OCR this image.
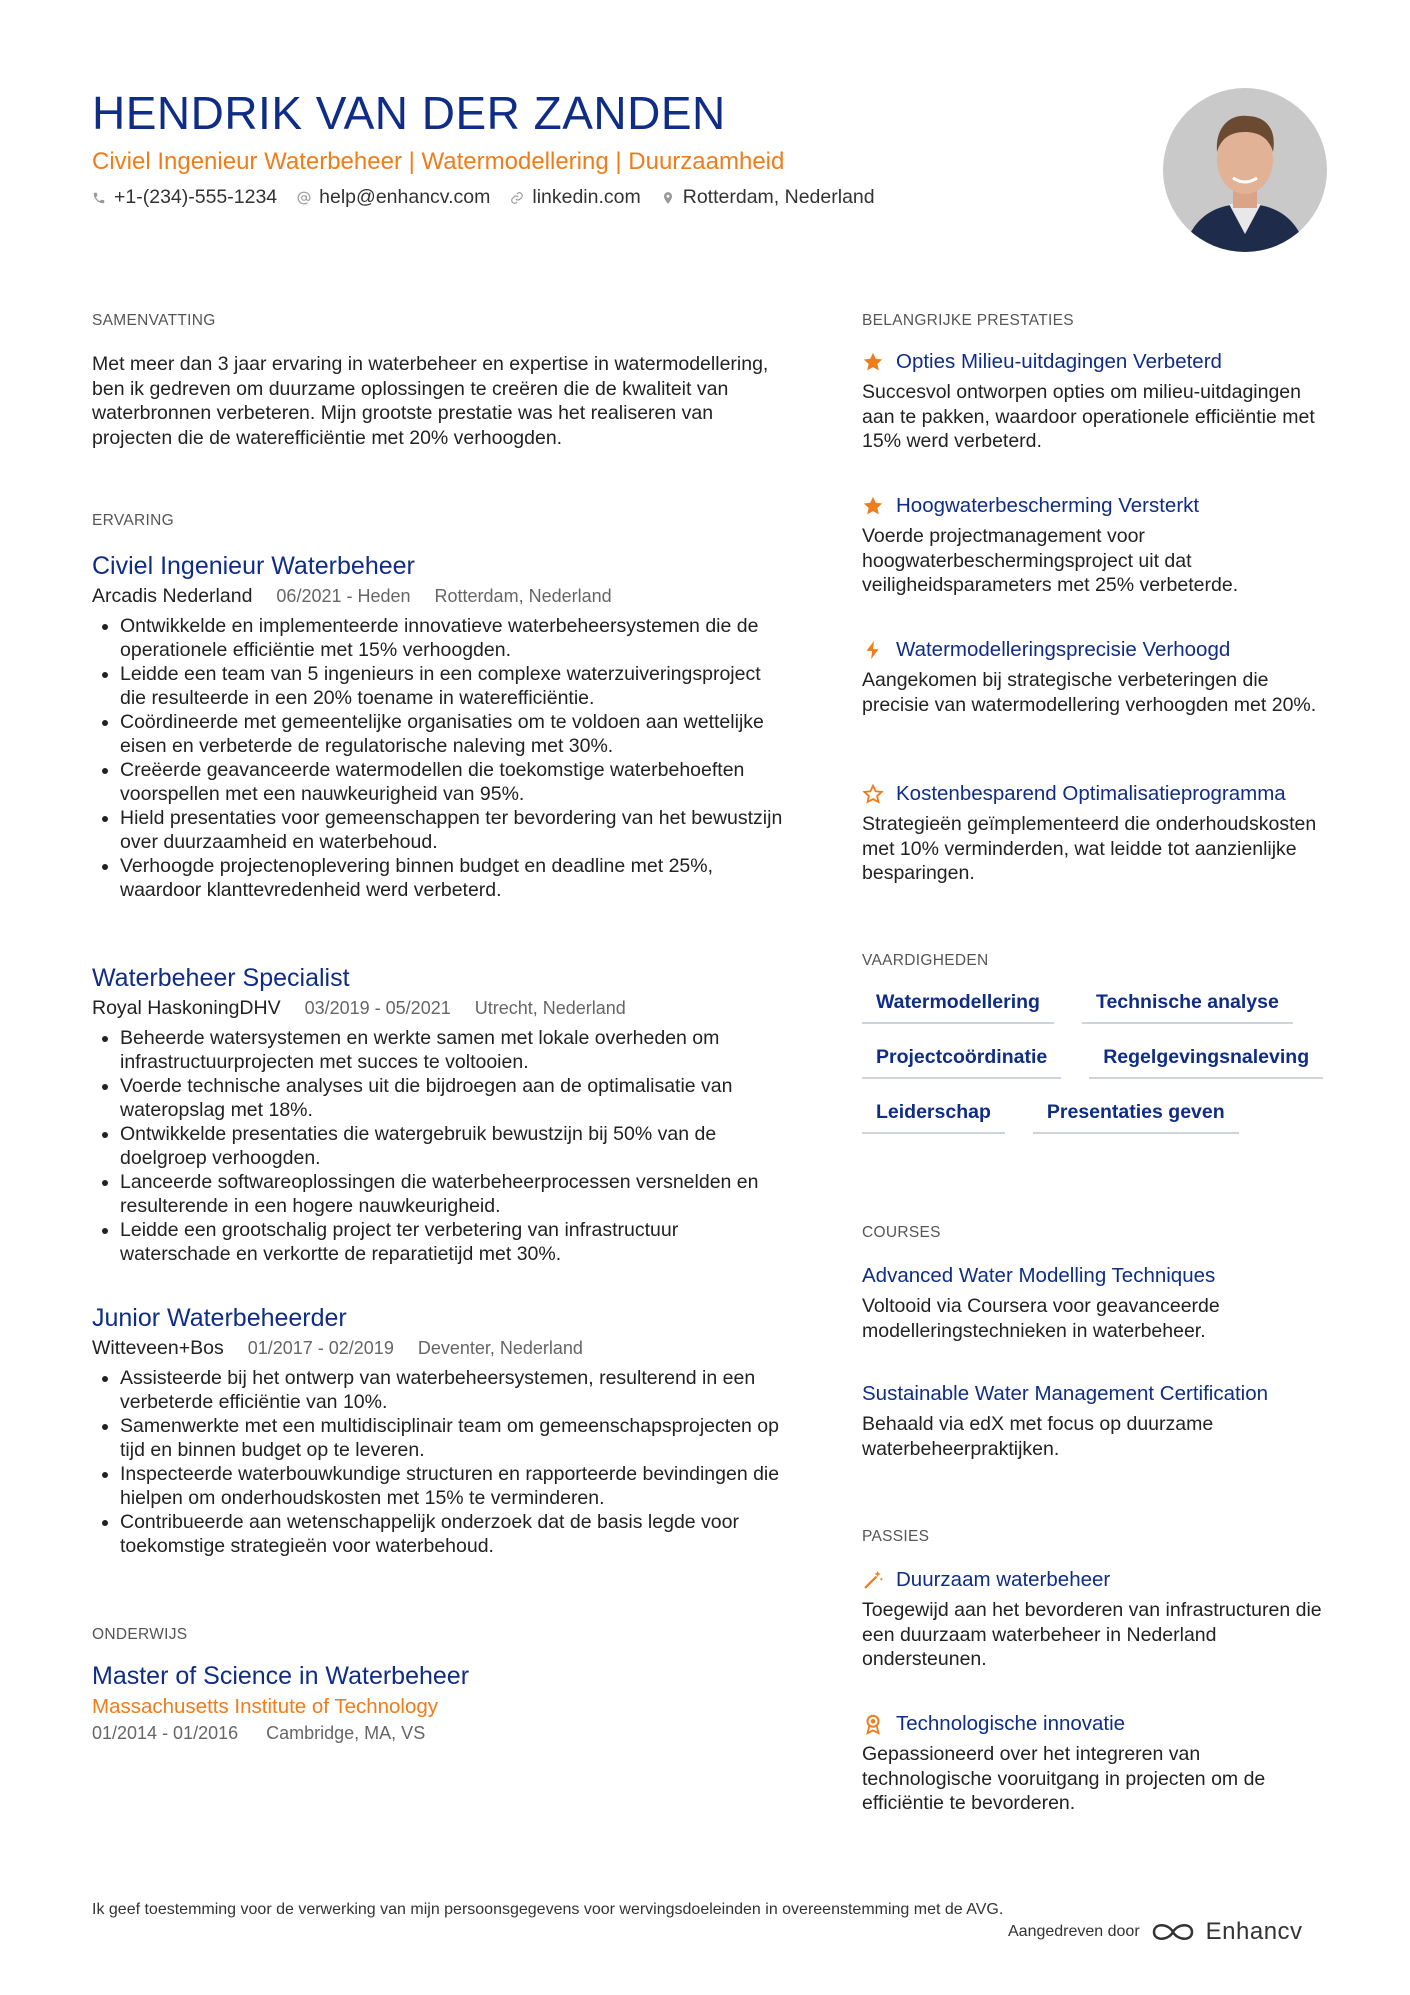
HENDRIK VAN DER ZANDEN
Civiel Ingenieur Waterbeheer | Watermodellering | Duurzaamheid
+1-(234)-555-1234 help@enhancv.com linkedin.com Rotterdam, Nederland
SAMENVATTING
Met meer dan 3 jaar ervaring in waterbeheer en expertise in watermodellering, ben ik gedreven om duurzame oplossingen te creëren die de kwaliteit van waterbronnen verbeteren. Mijn grootste prestatie was het realiseren van projecten die de waterefficiëntie met 20% verhoogden.
ERVARING
Civiel Ingenieur Waterbeheer
Arcadis Nederland 06/2021 - Heden Rotterdam, Nederland
• Ontwikkelde en implementeerde innovatieve waterbeheersystemen die de operationele efficiëntie met 15% verhoogden.
• Leidde een team van 5 ingenieurs in een complexe waterzuiveringsproject die resulteerde in een 20% toename in waterefficiëntie.
• Coördineerde met gemeentelijke organisaties om te voldoen aan wettelijke eisen en verbeterde de regulatorische naleving met 30%.
• Creëerde geavanceerde watermodellen die toekomstige waterbehoeften voorspellen met een nauwkeurigheid van 95%.
• Hield presentaties voor gemeenschappen ter bevordering van het bewustzijn over duurzaamheid en waterbehoud.
• Verhoogde projectenoplevering binnen budget en deadline met 25%, waardoor klanttevredenheid werd verbeterd.
Waterbeheer Specialist
Royal HaskoningDHV 03/2019 - 05/2021 Utrecht, Nederland
• Beheerde watersystemen en werkte samen met lokale overheden om infrastructuurprojecten met succes te voltooien.
• Voerde technische analyses uit die bijdroegen aan de optimalisatie van wateropslag met 18%.
• Ontwikkelde presentaties die watergebruik bewustzijn bij 50% van de doelgroep verhoogden.
• Lanceerde softwareoplossingen die waterbeheerprocessen versnelden en resulterende in een hogere nauwkeurigheid.
• Leidde een grootschalig project ter verbetering van infrastructuur waterschade en verkortte de reparatietijd met 30%.
Junior Waterbeheerder
Witteveen+Bos 01/2017 - 02/2019 Deventer, Nederland
• Assisteerde bij het ontwerp van waterbeheersystemen, resulterend in een verbeterde efficiëntie van 10%.
• Samenwerkte met een multidisciplinair team om gemeenschapsprojecten op tijd en binnen budget op te leveren.
• Inspecteerde waterbouwkundige structuren en rapporteerde bevindingen die hielpen om onderhoudskosten met 15% te verminderen.
• Contribueerde aan wetenschappelijk onderzoek dat de basis legde voor toekomstige strategieën voor waterbehoud.
ONDERWIJS
Master of Science in Waterbeheer
Massachusetts Institute of Technology
01/2014 - 01/2016 Cambridge, MA, VS
BELANGRIJKE PRESTATIES
Opties Milieu-uitdagingen Verbeterd
Succesvol ontworpen opties om milieu-uitdagingen aan te pakken, waardoor operationele efficiëntie met 15% werd verbeterd.
Hoogwaterbescherming Versterkt
Voerde projectmanagement voor hoogwaterbeschermingsproject uit dat veiligheidsparameters met 25% verbeterde.
Watermodelleringsprecisie Verhoogd
Aangekomen bij strategische verbeteringen die precisie van watermodellering verhoogden met 20%.
Kostenbesparend Optimalisatieprogramma
Strategieën geïmplementeerd die onderhoudskosten met 10% verminderden, wat leidde tot aanzienlijke besparingen.
VAARDIGHEDEN
Watermodellering	Technische analyse
Projectcoördinatie	Regelgevingsnaleving
Leiderschap	Presentaties geven
COURSES
Advanced Water Modelling Techniques
Voltooid via Coursera voor geavanceerde modelleringstechnieken in waterbeheer.
Sustainable Water Management Certification
Behaald via edX met focus op duurzame waterbeheerpraktijken.
PASSIES
Duurzaam waterbeheer
Toegewijd aan het bevorderen van infrastructuren die een duurzaam waterbeheer in Nederland ondersteunen.
Technologische innovatie
Gepassioneerd over het integreren van technologische vooruitgang in projecten om de efficiëntie te bevorderen.
Ik geef toestemming voor de verwerking van mijn persoonsgegevens voor wervingsdoeleinden in overeenstemming met de AVG.
Aangedreven door	Enhancv
